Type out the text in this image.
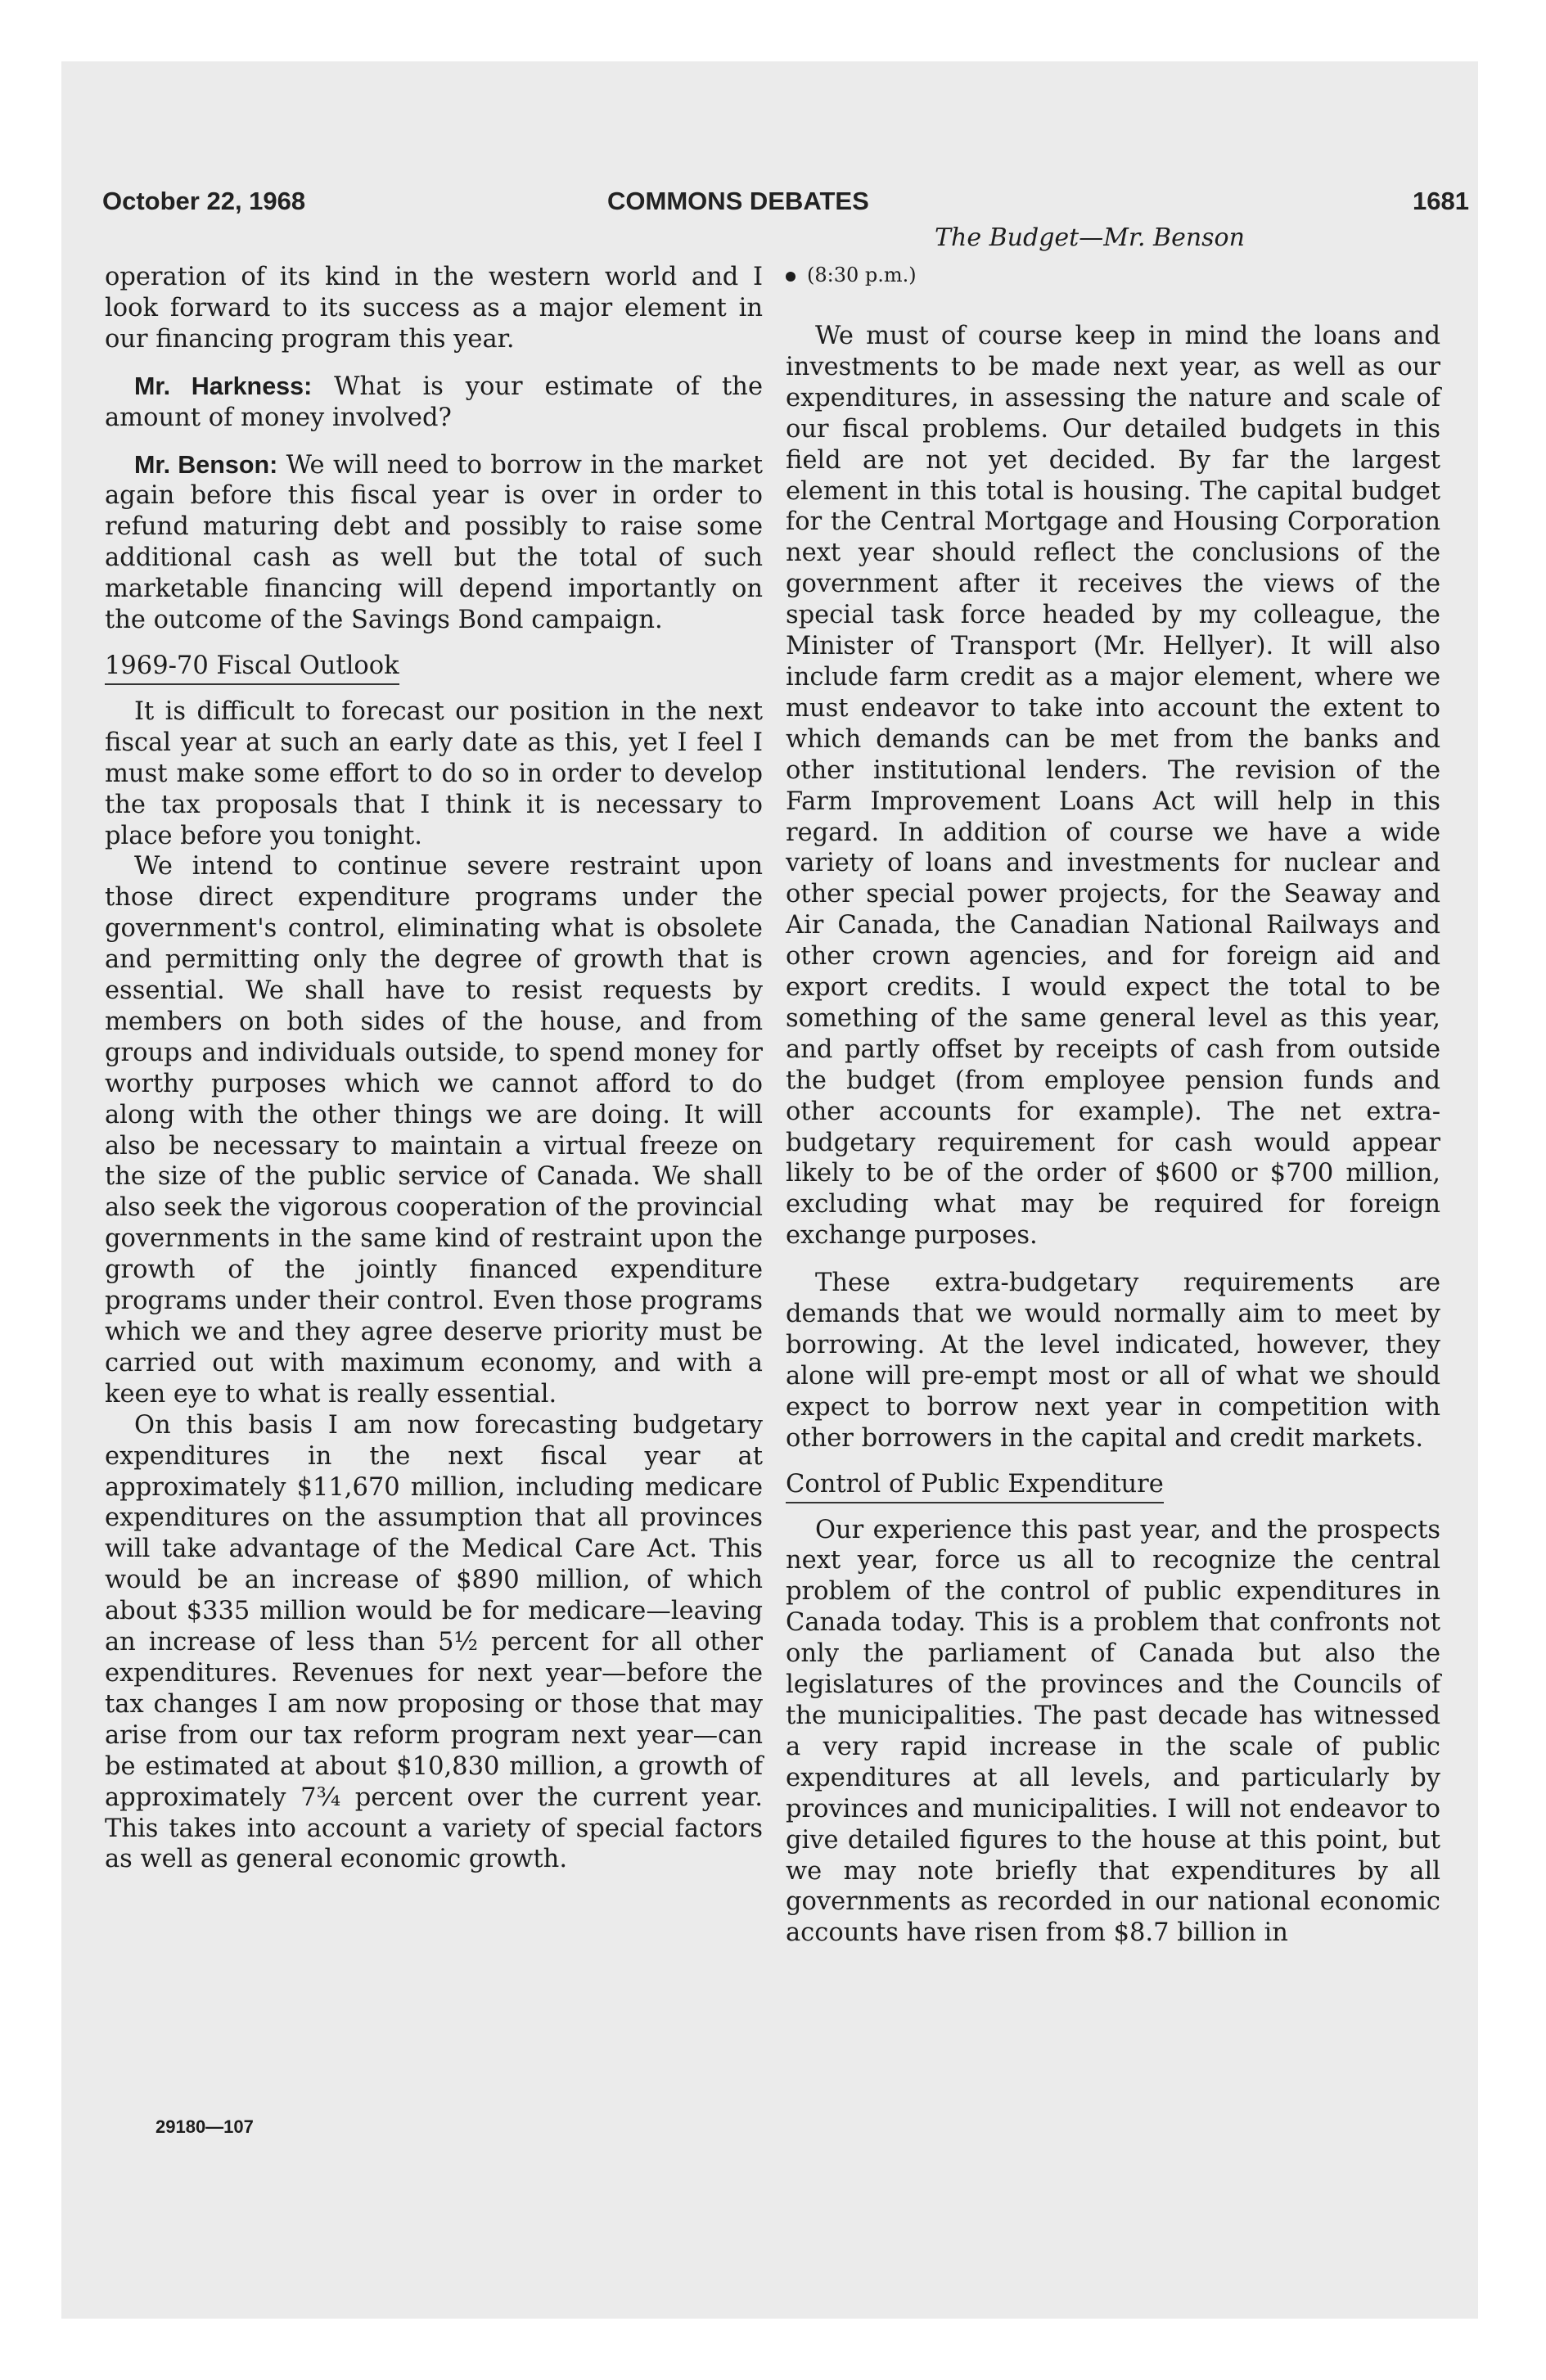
October 22, 1968	COMMONS DEBATES	1681
The Budget—Mr. Benson
(8:30 p.m.)

operation of its kind in the western world and I look forward to its success as a major element in our financing program this year.

Mr. Harkness: What is your estimate of the amount of money involved?

Mr. Benson: We will need to borrow in the market again before this fiscal year is over in order to refund maturing debt and possibly to raise some additional cash as well but the total of such marketable financing will depend importantly on the outcome of the Savings Bond campaign.

1969-70 Fiscal Outlook

It is difficult to forecast our position in the next fiscal year at such an early date as this, yet I feel I must make some effort to do so in order to develop the tax proposals that I think it is necessary to place before you tonight.

We intend to continue severe restraint upon those direct expenditure programs under the government's control, eliminating what is obsolete and permitting only the degree of growth that is essential. We shall have to resist requests by members on both sides of the house, and from groups and individuals outside, to spend money for worthy purposes which we cannot afford to do along with the other things we are doing. It will also be necessary to maintain a virtual freeze on the size of the public service of Canada. We shall also seek the vigorous cooperation of the provincial governments in the same kind of restraint upon the growth of the jointly financed expenditure programs under their control. Even those programs which we and they agree deserve priority must be carried out with maximum economy, and with a keen eye to what is really essential.

On this basis I am now forecasting budgetary expenditures in the next fiscal year at approximately $11,670 million, including medicare expenditures on the assumption that all provinces will take advantage of the Medical Care Act. This would be an increase of $890 million, of which about $335 million would be for medicare—leaving an increase of less than 5½ percent for all other expenditures. Revenues for next year—before the tax changes I am now proposing or those that may arise from our tax reform program next year—can be estimated at about $10,830 million, a growth of approximately 7¾ percent over the current year. This takes into account a variety of special factors as well as general economic growth.

29180—107

We must of course keep in mind the loans and investments to be made next year, as well as our expenditures, in assessing the nature and scale of our fiscal problems. Our detailed budgets in this field are not yet decided. By far the largest element in this total is housing. The capital budget for the Central Mortgage and Housing Corporation next year should reflect the conclusions of the government after it receives the views of the special task force headed by my colleague, the Minister of Transport (Mr. Hellyer). It will also include farm credit as a major element, where we must endeavor to take into account the extent to which demands can be met from the banks and other institutional lenders. The revision of the Farm Improvement Loans Act will help in this regard. In addition of course we have a wide variety of loans and investments for nuclear and other special power projects, for the Seaway and Air Canada, the Canadian National Railways and other crown agencies, and for foreign aid and export credits. I would expect the total to be something of the same general level as this year, and partly offset by receipts of cash from outside the budget (from employee pension funds and other accounts for example). The net extra-budgetary requirement for cash would appear likely to be of the order of $600 or $700 million, excluding what may be required for foreign exchange purposes.

These extra-budgetary requirements are demands that we would normally aim to meet by borrowing. At the level indicated, however, they alone will pre-empt most or all of what we should expect to borrow next year in competition with other borrowers in the capital and credit markets.

Control of Public Expenditure

Our experience this past year, and the prospects next year, force us all to recognize the central problem of the control of public expenditures in Canada today. This is a problem that confronts not only the parliament of Canada but also the legislatures of the provinces and the Councils of the municipalities. The past decade has witnessed a very rapid increase in the scale of public expenditures at all levels, and particularly by provinces and municipalities. I will not endeavor to give detailed figures to the house at this point, but we may note briefly that expenditures by all governments as recorded in our national economic accounts have risen from $8.7 billion in
